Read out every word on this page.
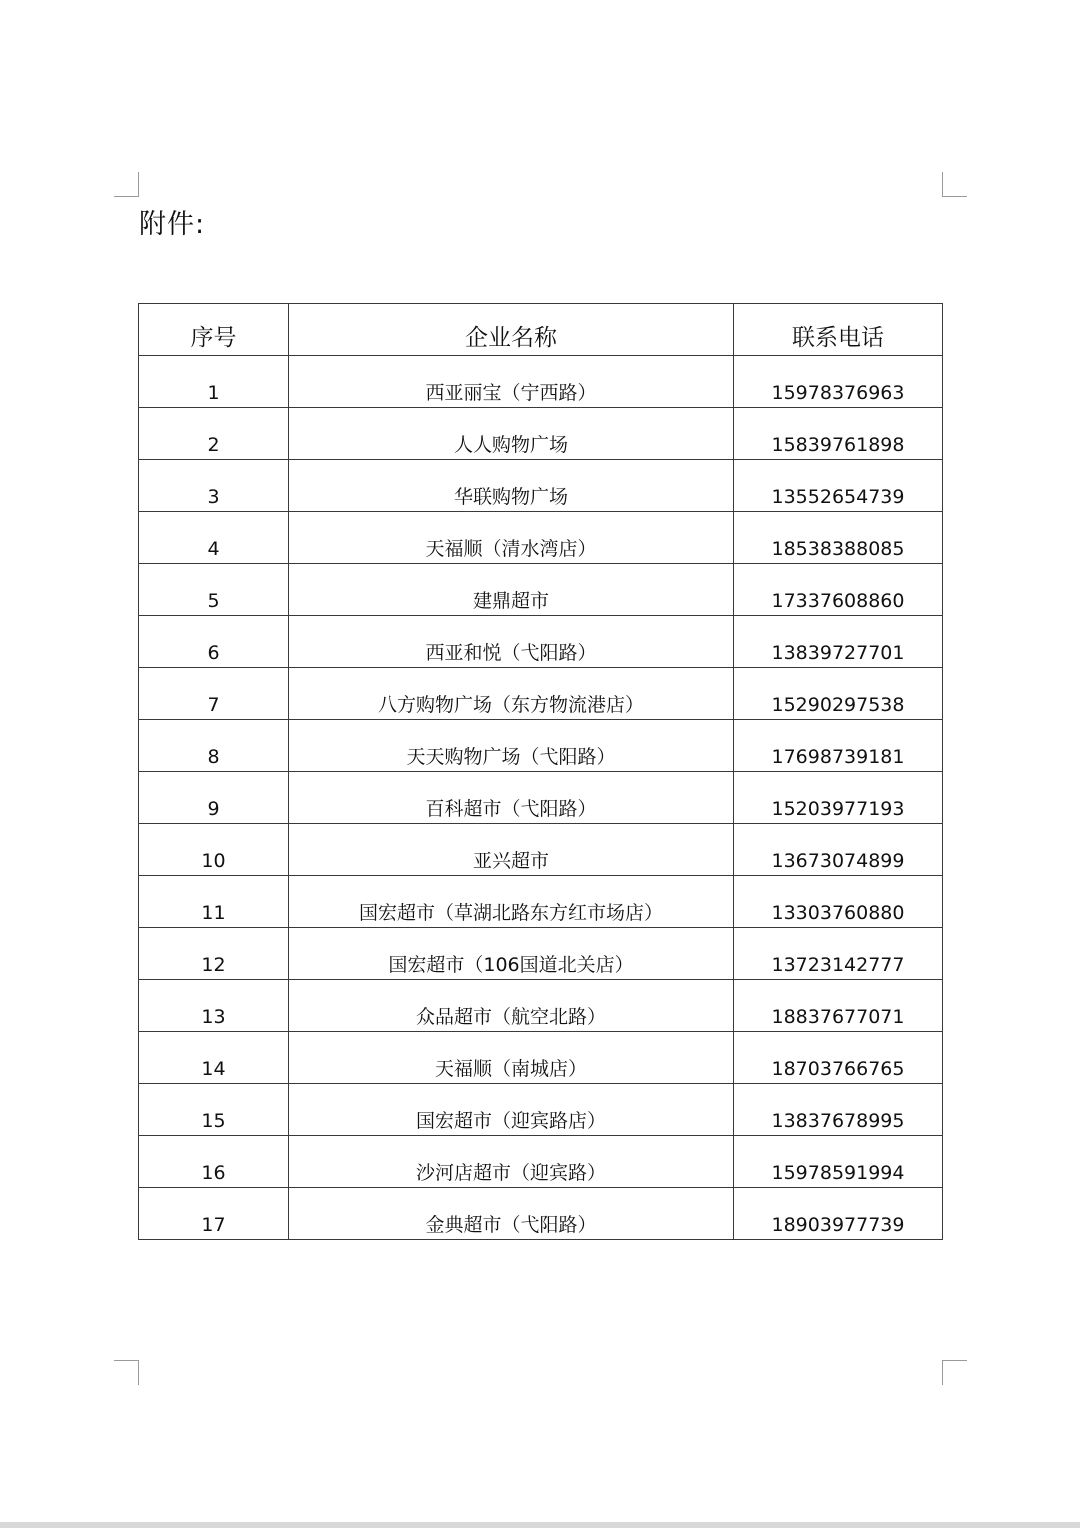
附件:
序号	企业名称	联系电话
1	西亚丽宝（宁西路）	15978376963
2	人人购物广场	15839761898
3	华联购物广场	13552654739
4	天福顺（清水湾店）	18538388085
5	建鼎超市	17337608860
6	西亚和悦（弋阳路）	13839727701
7	八方购物广场（东方物流港店）	15290297538
8	天天购物广场（弋阳路）	17698739181
9	百科超市（弋阳路）	15203977193
10	亚兴超市	13673074899
11	国宏超市（草湖北路东方红市场店）	13303760880
12	国宏超市（106国道北关店）	13723142777
13	众品超市（航空北路）	18837677071
14	天福顺（南城店）	18703766765
15	国宏超市（迎宾路店）	13837678995
16	沙河店超市（迎宾路）	15978591994
17	金典超市（弋阳路）	18903977739
